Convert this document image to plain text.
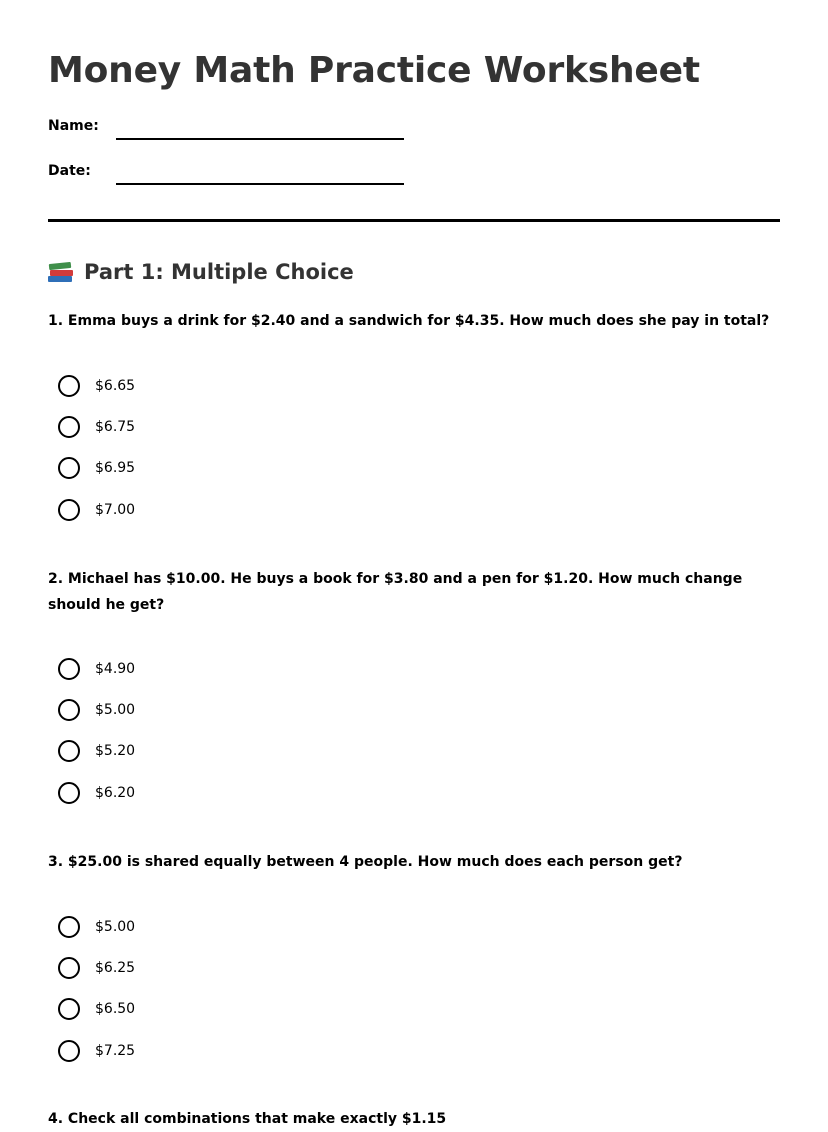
Money Math Practice Worksheet
Name:
Date:
Part 1: Multiple Choice

1. Emma buys a drink for $2.40 and a sandwich for $4.35. How much does she pay in total?

$6.65
$6.75
$6.95
$7.00

2. Michael has $10.00. He buys a book for $3.80 and a pen for $1.20. How much change should he get?

$4.90
$5.00
$5.20
$6.20

3. $25.00 is shared equally between 4 people. How much does each person get?

$5.00
$6.25
$6.50
$7.25
4. Check all combinations that make exactly $1.15
